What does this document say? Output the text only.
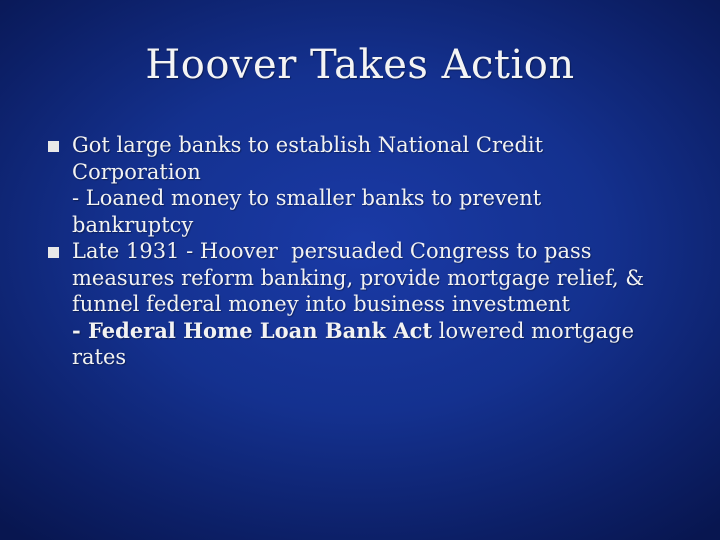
Hoover Takes Action
Got large banks to establish National Credit Corporation
- Loaned money to smaller banks to prevent bankruptcy
Late 1931 - Hoover  persuaded Congress to pass measures reform banking, provide mortgage relief, & funnel federal money into business investment
- Federal Home Loan Bank Act lowered mortgage rates
